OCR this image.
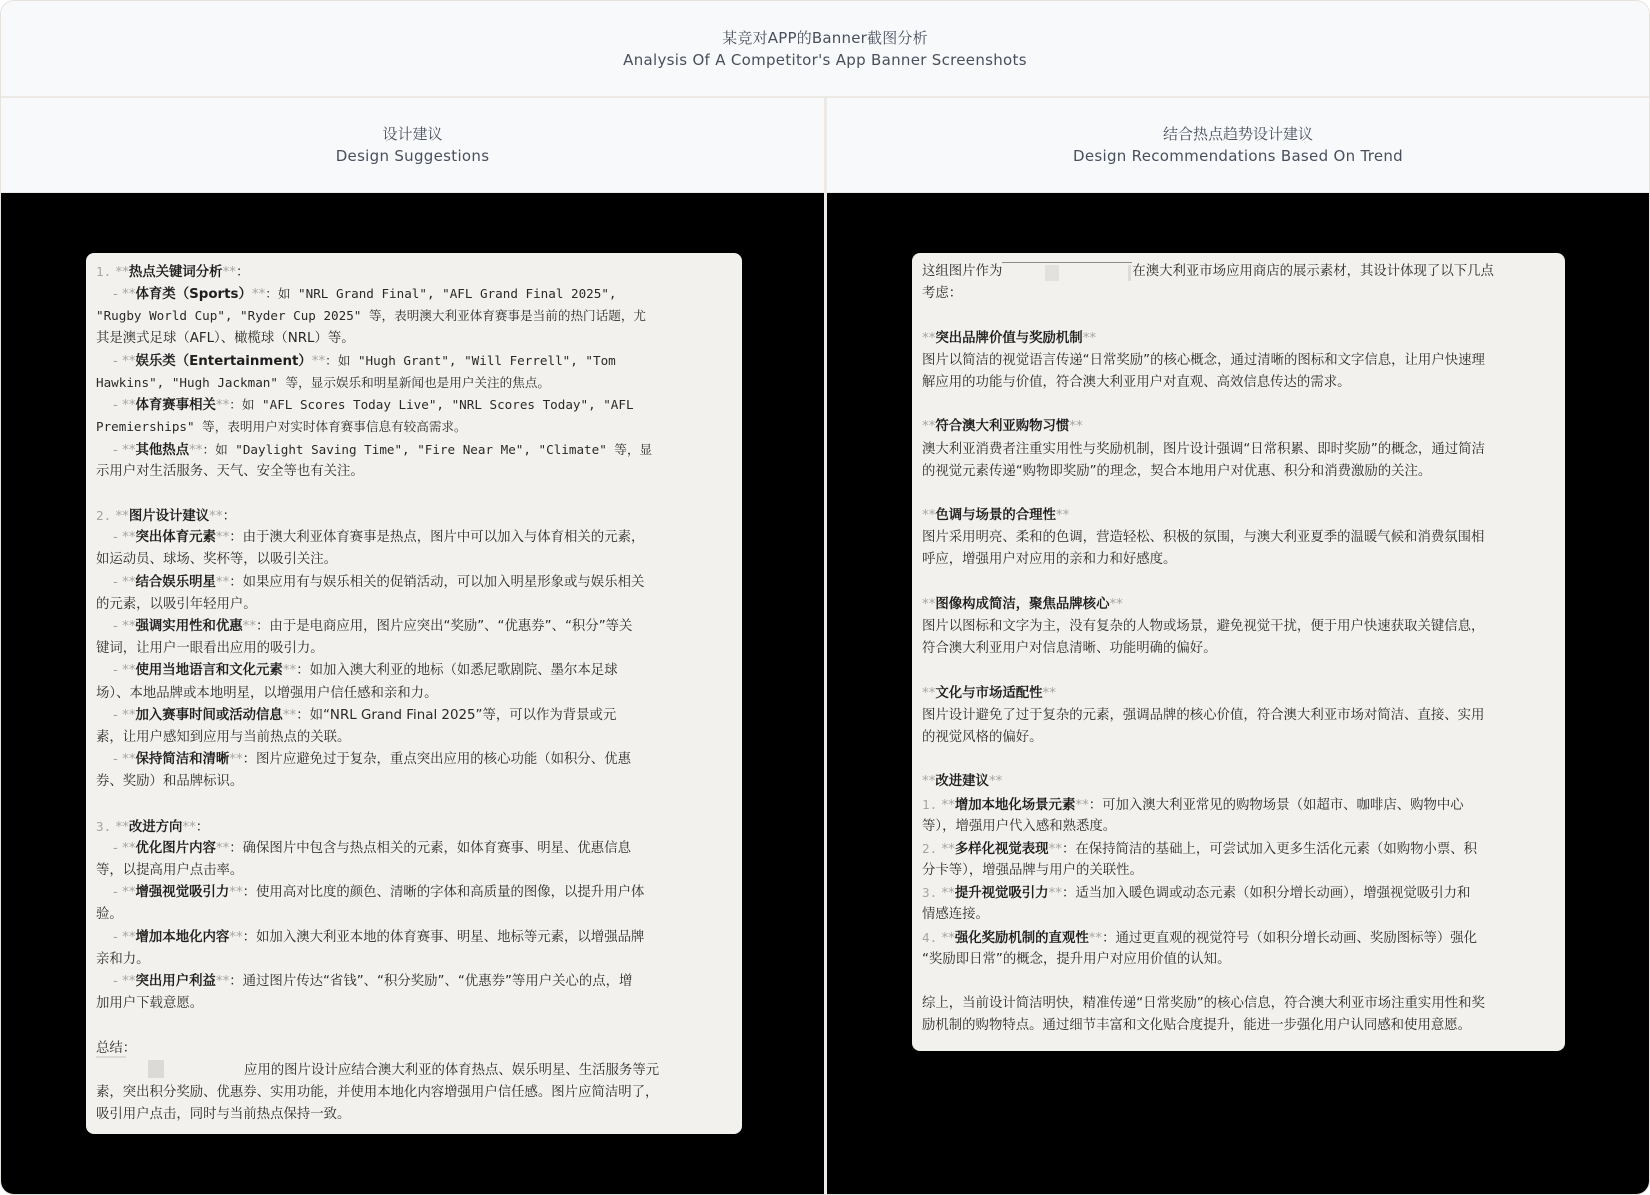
某竞对APP的Banner截图分析
Analysis Of A Competitor's App Banner Screenshots
设计建议
Design Suggestions
结合热点趋势设计建议
Design Recommendations Based On Trend
1. **热点关键词分析**：
- **体育类（Sports）**：如 "NRL Grand Final", "AFL Grand Final 2025",
"Rugby World Cup", "Ryder Cup 2025" 等，表明澳大利亚体育赛事是当前的热门话题，尤
其是澳式足球（AFL）、橄榄球（NRL）等。
- **娱乐类（Entertainment）**：如 "Hugh Grant", "Will Ferrell", "Tom
Hawkins", "Hugh Jackman" 等，显示娱乐和明星新闻也是用户关注的焦点。
- **体育赛事相关**：如 "AFL Scores Today Live", "NRL Scores Today", "AFL
Premierships" 等，表明用户对实时体育赛事信息有较高需求。
- **其他热点**：如 "Daylight Saving Time", "Fire Near Me", "Climate" 等，显
示用户对生活服务、天气、安全等也有关注。
2. **图片设计建议**：
- **突出体育元素**：由于澳大利亚体育赛事是热点，图片中可以加入与体育相关的元素，
如运动员、球场、奖杯等，以吸引关注。
- **结合娱乐明星**：如果应用有与娱乐相关的促销活动，可以加入明星形象或与娱乐相关
的元素，以吸引年轻用户。
- **强调实用性和优惠**：由于是电商应用，图片应突出“奖励”、“优惠券”、“积分”等关
键词，让用户一眼看出应用的吸引力。
- **使用当地语言和文化元素**：如加入澳大利亚的地标（如悉尼歌剧院、墨尔本足球
场）、本地品牌或本地明星，以增强用户信任感和亲和力。
- **加入赛事时间或活动信息**：如“NRL Grand Final 2025”等，可以作为背景或元
素，让用户感知到应用与当前热点的关联。
- **保持简洁和清晰**：图片应避免过于复杂，重点突出应用的核心功能（如积分、优惠
券、奖励）和品牌标识。
3. **改进方向**：
- **优化图片内容**：确保图片中包含与热点相关的元素，如体育赛事、明星、优惠信息
等，以提高用户点击率。
- **增强视觉吸引力**：使用高对比度的颜色、清晰的字体和高质量的图像，以提升用户体
验。
- **增加本地化内容**：如加入澳大利亚本地的体育赛事、明星、地标等元素，以增强品牌
亲和力。
- **突出用户利益**：通过图片传达“省钱”、“积分奖励”、“优惠券”等用户关心的点，增
加用户下载意愿。
总结：
应用的图片设计应结合澳大利亚的体育热点、娱乐明星、生活服务等元
素，突出积分奖励、优惠券、实用功能，并使用本地化内容增强用户信任感。图片应简洁明了，
吸引用户点击，同时与当前热点保持一致。
这组图片作为	在澳大利亚市场应用商店的展示素材，其设计体现了以下几点
考虑：
**突出品牌价值与奖励机制**
图片以简洁的视觉语言传递“日常奖励”的核心概念，通过清晰的图标和文字信息，让用户快速理
解应用的功能与价值，符合澳大利亚用户对直观、高效信息传达的需求。
**符合澳大利亚购物习惯**
澳大利亚消费者注重实用性与奖励机制，图片设计强调“日常积累、即时奖励”的概念，通过简洁
的视觉元素传递“购物即奖励”的理念，契合本地用户对优惠、积分和消费激励的关注。
**色调与场景的合理性**
图片采用明亮、柔和的色调，营造轻松、积极的氛围，与澳大利亚夏季的温暖气候和消费氛围相
呼应，增强用户对应用的亲和力和好感度。
**图像构成简洁，聚焦品牌核心**
图片以图标和文字为主，没有复杂的人物或场景，避免视觉干扰，便于用户快速获取关键信息，
符合澳大利亚用户对信息清晰、功能明确的偏好。
**文化与市场适配性**
图片设计避免了过于复杂的元素，强调品牌的核心价值，符合澳大利亚市场对简洁、直接、实用
的视觉风格的偏好。
**改进建议**
1. **增加本地化场景元素**：可加入澳大利亚常见的购物场景（如超市、咖啡店、购物中心
等），增强用户代入感和熟悉度。
2. **多样化视觉表现**：在保持简洁的基础上，可尝试加入更多生活化元素（如购物小票、积
分卡等），增强品牌与用户的关联性。
3. **提升视觉吸引力**：适当加入暖色调或动态元素（如积分增长动画），增强视觉吸引力和
情感连接。
4. **强化奖励机制的直观性**：通过更直观的视觉符号（如积分增长动画、奖励图标等）强化
“奖励即日常”的概念，提升用户对应用价值的认知。
综上，当前设计简洁明快，精准传递“日常奖励”的核心信息，符合澳大利亚市场注重实用性和奖
励机制的购物特点。通过细节丰富和文化贴合度提升，能进一步强化用户认同感和使用意愿。
